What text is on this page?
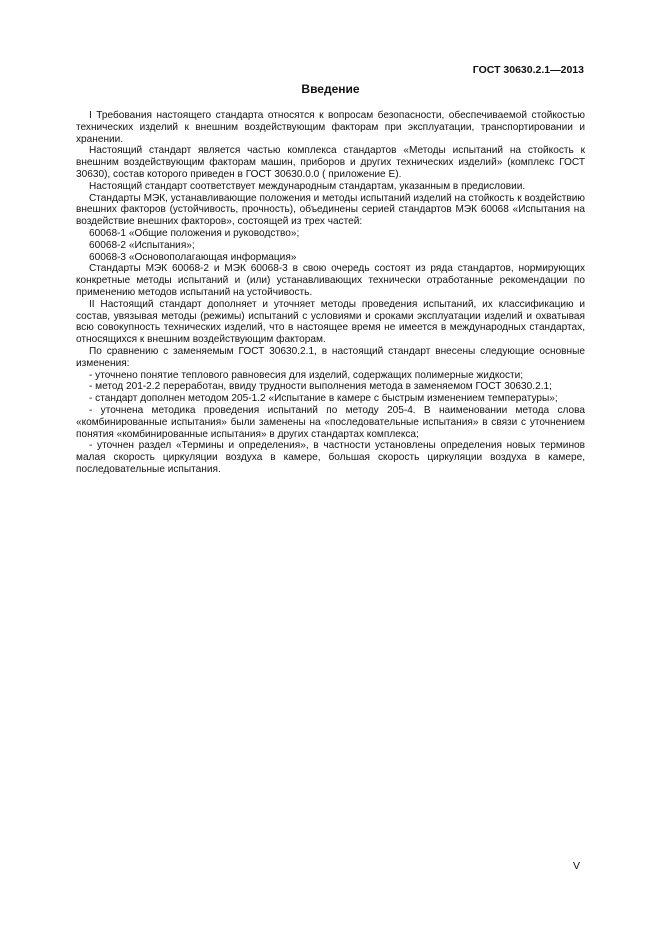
ГОСТ 30630.2.1—2013
Введение

I Требования настоящего стандарта относятся к вопросам безопасности, обеспечиваемой стойкостью технических изделий к внешним воздействующим факторам при эксплуатации, транспортировании и хранении.

Настоящий стандарт является частью комплекса стандартов «Методы испытаний на стойкость к внешним воздействующим факторам машин, приборов и других технических изделий» (комплекс ГОСТ 30630), состав которого приведен в ГОСТ 30630.0.0 ( приложение Е).

Настоящий стандарт соответствует международным стандартам, указанным в предисловии.

Стандарты МЭК, устанавливающие положения и методы испытаний изделий на стойкость к воздействию внешних факторов (устойчивость, прочность), объединены серией стандартов МЭК 60068 «Испытания на воздействие внешних факторов», состоящей из трех частей:

60068-1 «Общие положения и руководство»;

60068-2 «Испытания»;

60068-3 «Основополагающая информация»

Стандарты МЭК 60068-2 и МЭК 60068-3 в свою очередь состоят из ряда стандартов, нормирующих конкретные методы испытаний и (или) устанавливающих технически отработанные рекомендации по применению методов испытаний на устойчивость.

II Настоящий стандарт дополняет и уточняет методы проведения испытаний, их классификацию и состав, увязывая методы (режимы) испытаний с условиями и сроками эксплуатации изделий и охватывая всю совокупность технических изделий, что в настоящее время не имеется в международных стандартах, относящихся к внешним воздействующим факторам.

По сравнению с заменяемым ГОСТ 30630.2.1, в настоящий стандарт внесены следующие основные изменения:

- уточнено понятие теплового равновесия для изделий, содержащих полимерные жидкости;

- метод 201-2.2 переработан, ввиду трудности выполнения метода в заменяемом ГОСТ 30630.2.1;

- стандарт дополнен методом 205-1.2 «Испытание в камере с быстрым изменением температуры»;

- уточнена методика проведения испытаний по методу 205-4. В наименовании метода слова «комбинированные испытания» были заменены на «последовательные испытания» в связи с уточнением понятия «комбинированные испытания» в других стандартах комплекса;

- уточнен раздел «Термины и определения», в частности установлены определения новых терминов малая скорость циркуляции воздуха в камере, большая скорость циркуляции воздуха в камере, последовательные испытания.

V
